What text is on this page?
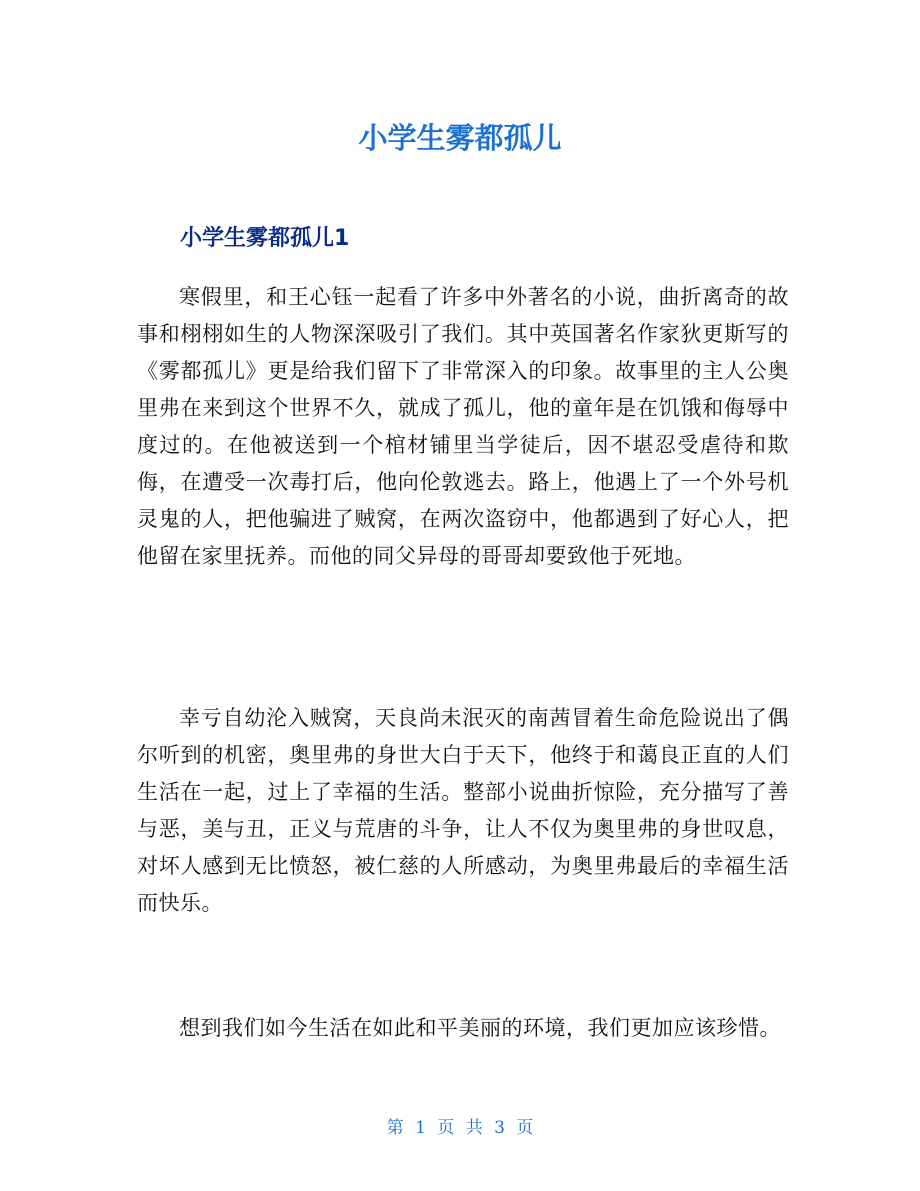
小学生雾都孤儿
小学生雾都孤儿1

寒假里，和王心钰一起看了许多中外著名的小说，曲折离奇的故事和栩栩如生的人物深深吸引了我们。其中英国著名作家狄更斯写的《雾都孤儿》更是给我们留下了非常深入的印象。故事里的主人公奥里弗在来到这个世界不久，就成了孤儿，他的童年是在饥饿和侮辱中度过的。在他被送到一个棺材铺里当学徒后，因不堪忍受虐待和欺侮，在遭受一次毒打后，他向伦敦逃去。路上，他遇上了一个外号机灵鬼的人，把他骗进了贼窝，在两次盗窃中，他都遇到了好心人，把他留在家里抚养。而他的同父异母的哥哥却要致他于死地。

幸亏自幼沦入贼窝，天良尚未泯灭的南茜冒着生命危险说出了偶尔听到的机密，奥里弗的身世大白于天下，他终于和蔼良正直的人们生活在一起，过上了幸福的生活。整部小说曲折惊险，充分描写了善与恶，美与丑，正义与荒唐的斗争，让人不仅为奥里弗的身世叹息，对坏人感到无比愤怒，被仁慈的人所感动，为奥里弗最后的幸福生活而快乐。

想到我们如今生活在如此和平美丽的环境，我们更加应该珍惜。

第 1 页 共 3 页
